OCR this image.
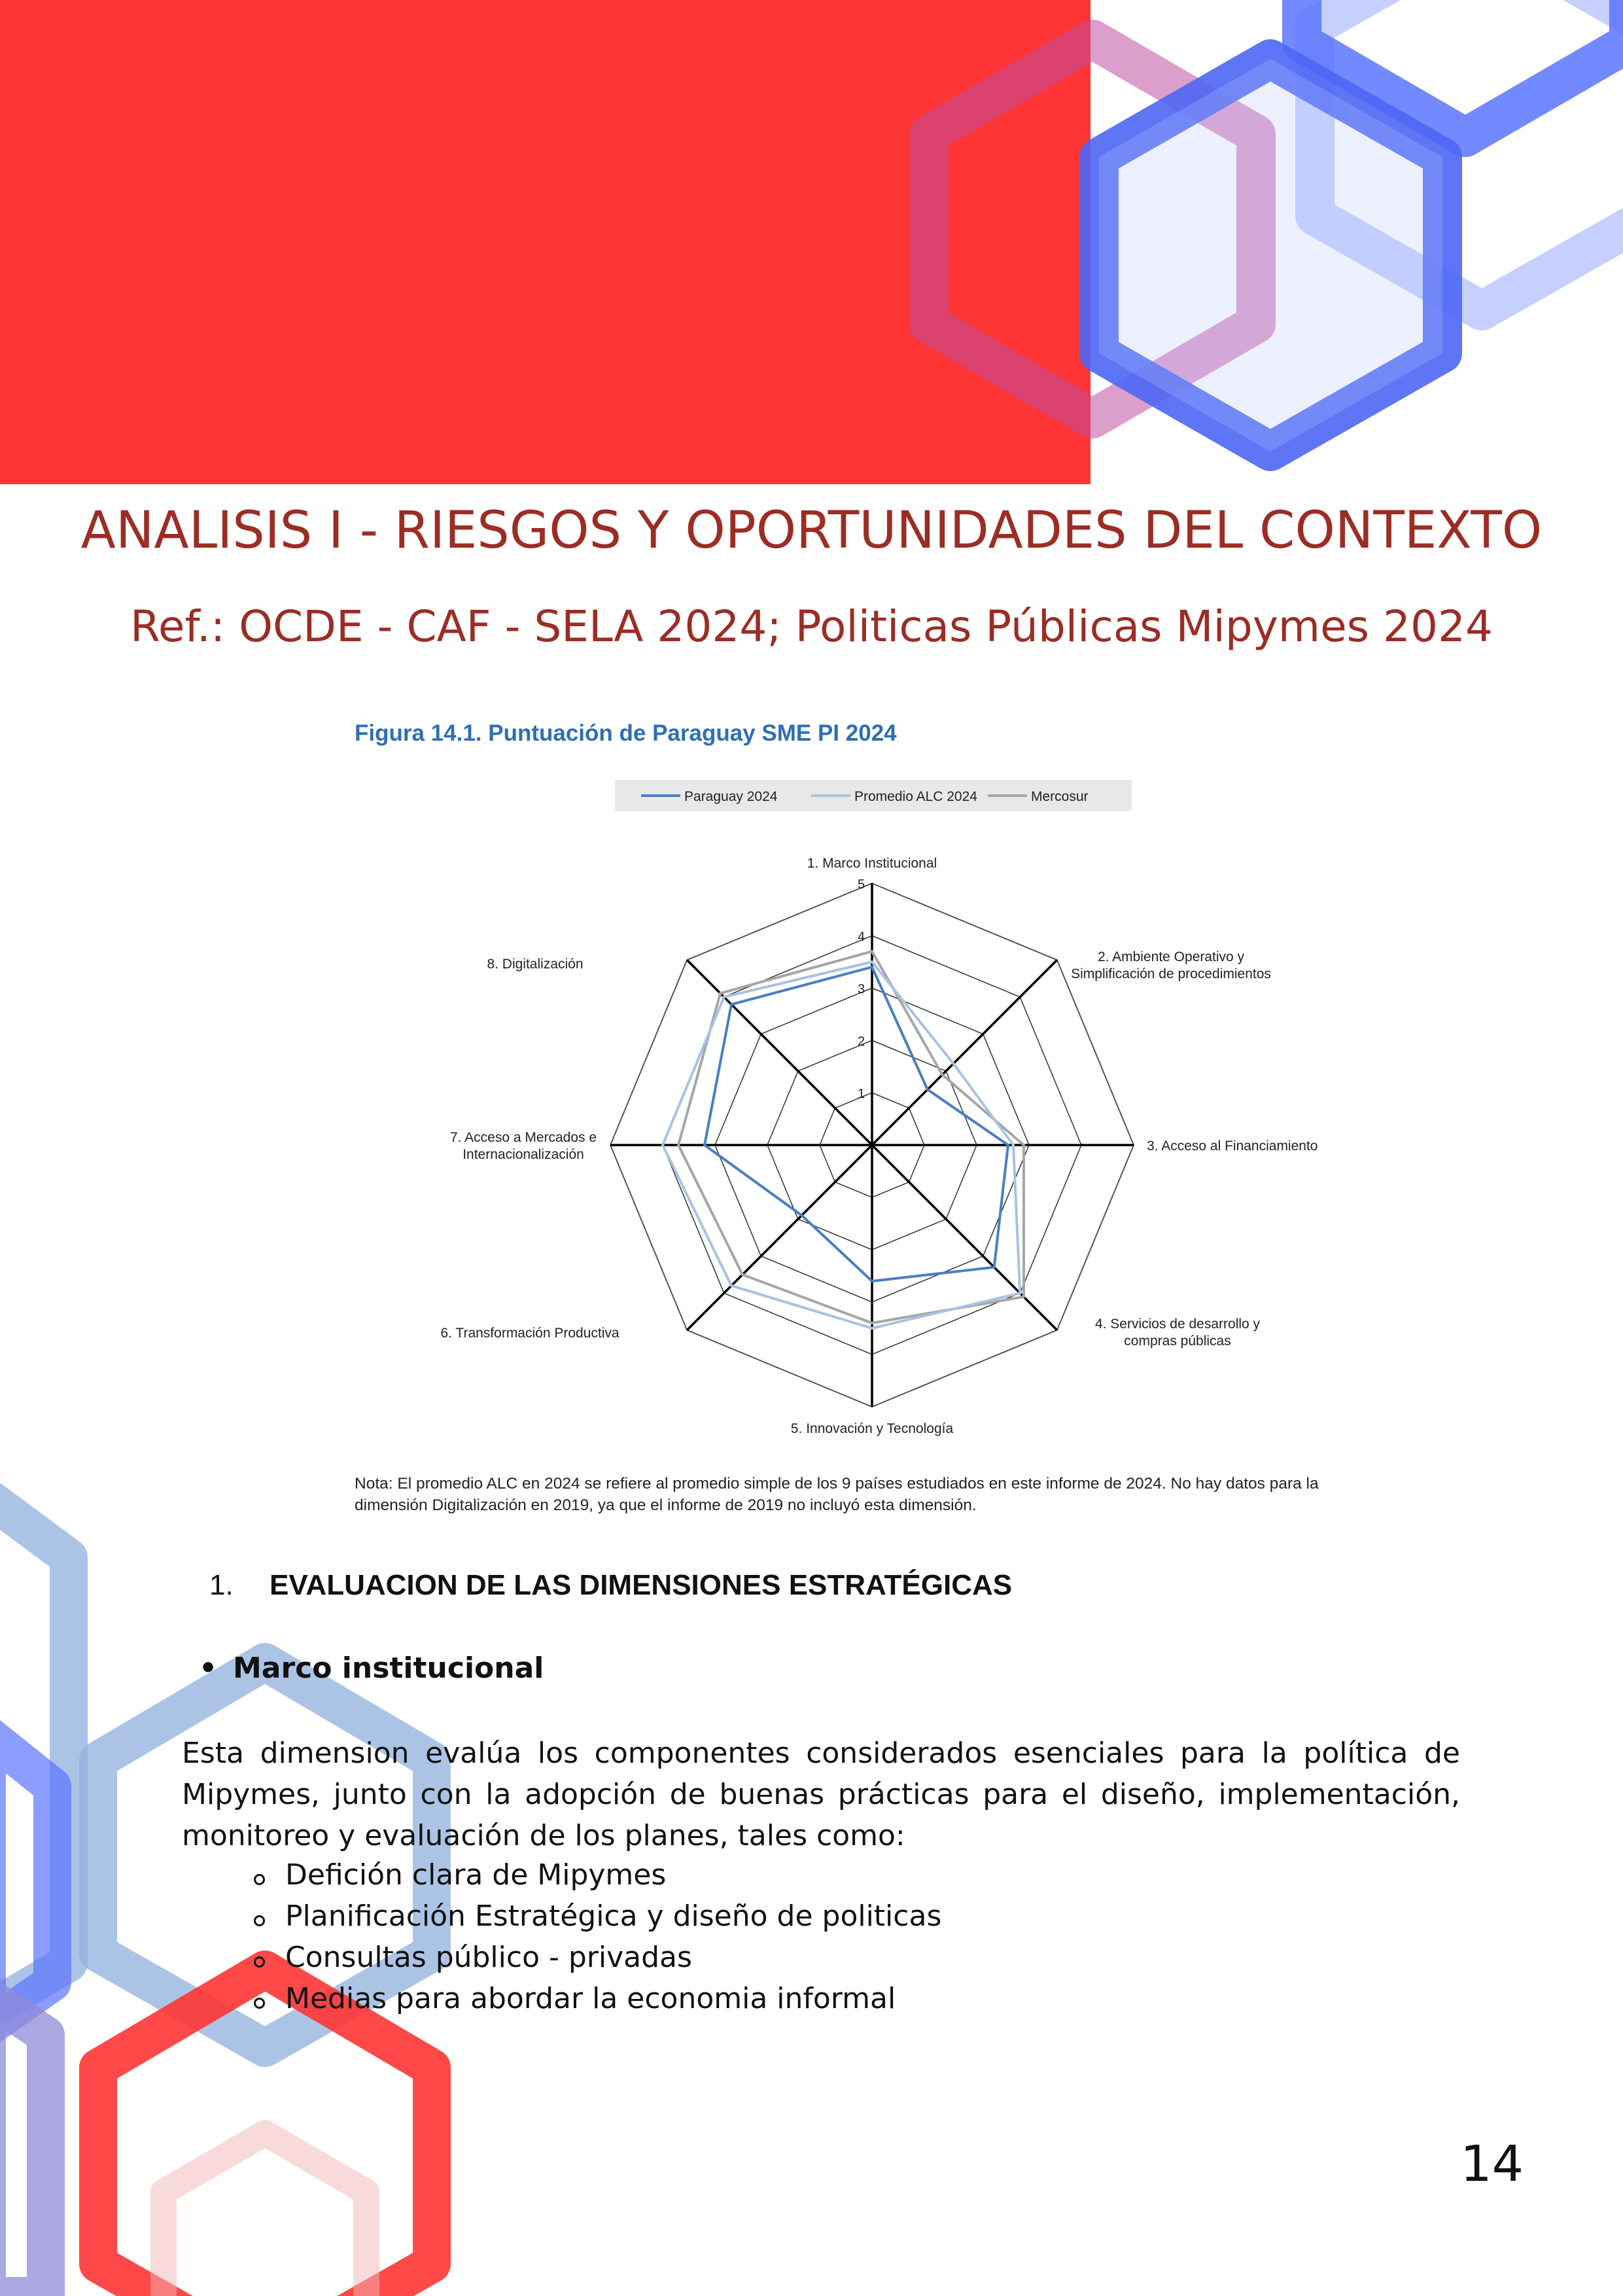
ANALISIS I - RIESGOS Y OPORTUNIDADES DEL CONTEXTO
Ref.: OCDE - CAF - SELA 2024; Politicas Públicas Mipymes 2024
Figura 14.1. Puntuación de Paraguay SME PI 2024
Paraguay 2024	Promedio ALC 2024	Mercosur
1
2
3
4
5
1. Marco Institucional
2. Ambiente Operativo y Simplificación de procedimientos
3. Acceso al Financiamiento
4. Servicios de desarrollo y compras públicas
5. Innovación y Tecnología
6. Transformación Productiva
7. Acceso a Mercados e Internacionalización
8. Digitalización
Nota: El promedio ALC en 2024 se refiere al promedio simple de los 9 países estudiados en este informe de 2024. No hay datos para la
dimensión Digitalización en 2019, ya que el informe de 2019 no incluyó esta dimensión.
1. EVALUACION DE LAS DIMENSIONES ESTRATÉGICAS
• Marco institucional

Esta dimension evalúa los componentes considerados esenciales para la política de Mipymes, junto con la adopción de buenas prácticas para el diseño, implementación, monitoreo y evaluación de los planes, tales como:

Defición clara de Mipymes
Planificación Estratégica y diseño de politicas
Consultas público - privadas
Medias para abordar la economia informal
14
